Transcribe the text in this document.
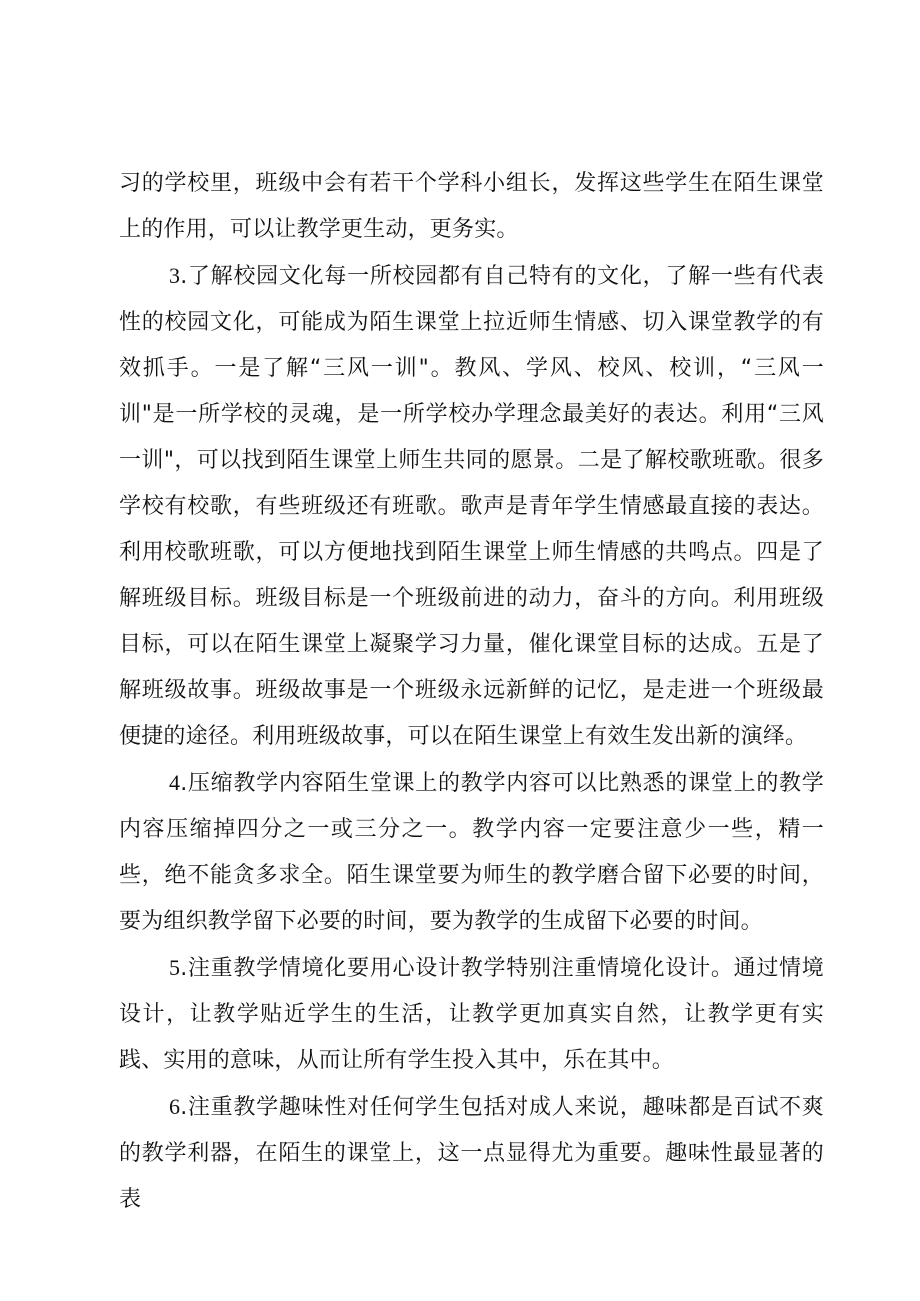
习的学校里，班级中会有若干个学科小组长，发挥这些学生在陌生课堂上的作用，可以让教学更生动，更务实。

3.了解校园文化每一所校园都有自己特有的文化，了解一些有代表性的校园文化，可能成为陌生课堂上拉近师生情感、切入课堂教学的有效抓手。一是了解“三风一训"。教风、学风、校风、校训，“三风一训"是一所学校的灵魂，是一所学校办学理念最美好的表达。利用“三风一训"，可以找到陌生课堂上师生共同的愿景。二是了解校歌班歌。很多学校有校歌，有些班级还有班歌。歌声是青年学生情感最直接的表达。利用校歌班歌，可以方便地找到陌生课堂上师生情感的共鸣点。四是了解班级目标。班级目标是一个班级前进的动力，奋斗的方向。利用班级目标，可以在陌生课堂上凝聚学习力量，催化课堂目标的达成。五是了解班级故事。班级故事是一个班级永远新鲜的记忆，是走进一个班级最便捷的途径。利用班级故事，可以在陌生课堂上有效生发出新的演绎。

4.压缩教学内容陌生堂课上的教学内容可以比熟悉的课堂上的教学内容压缩掉四分之一或三分之一。教学内容一定要注意少一些，精一些，绝不能贪多求全。陌生课堂要为师生的教学磨合留下必要的时间，要为组织教学留下必要的时间，要为教学的生成留下必要的时间。

5.注重教学情境化要用心设计教学特别注重情境化设计。通过情境设计，让教学贴近学生的生活，让教学更加真实自然，让教学更有实践、实用的意味，从而让所有学生投入其中，乐在其中。

6.注重教学趣味性对任何学生包括对成人来说，趣味都是百试不爽的教学利器，在陌生的课堂上，这一点显得尤为重要。趣味性最显著的表
